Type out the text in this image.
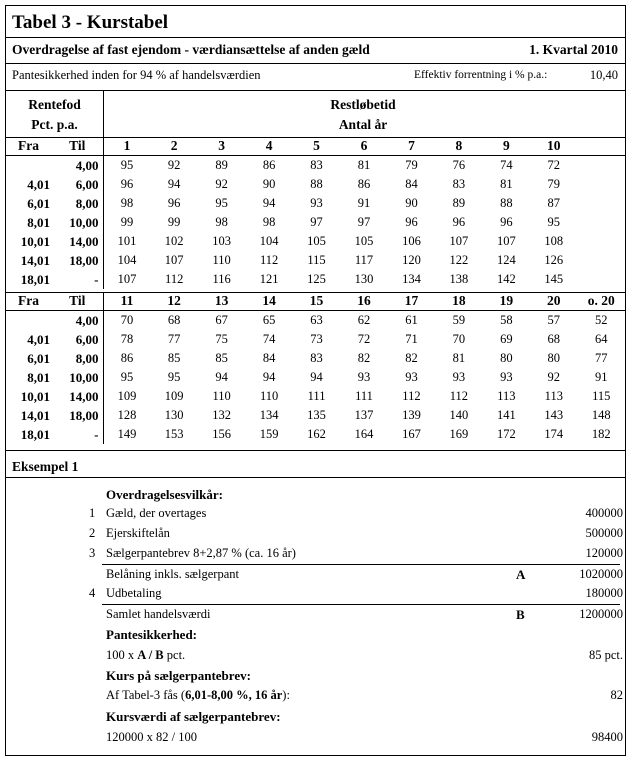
Tabel 3 - Kurstabel
Overdragelse af fast ejendom - værdiansættelse af anden gæld	1. Kvartal 2010
Pantesikkerhed inden for 94 % af handelsværdien	Effektiv forrentning i % p.a.:	10,40
Rentefod
Pct. p.a.
Restløbetid
Antal år
Fra	Til	1	2	3	4	5	6	7	8	9	10	
	4,00	95	92	89	86	83	81	79	76	74	72	
4,01	6,00	96	94	92	90	88	86	84	83	81	79	
6,01	8,00	98	96	95	94	93	91	90	89	88	87	
8,01	10,00	99	99	98	98	97	97	96	96	96	95	
10,01	14,00	101	102	103	104	105	105	106	107	107	108	
14,01	18,00	104	107	110	112	115	117	120	122	124	126	
18,01	-	107	112	116	121	125	130	134	138	142	145	
Fra	Til	11	12	13	14	15	16	17	18	19	20	o. 20
	4,00	70	68	67	65	63	62	61	59	58	57	52
4,01	6,00	78	77	75	74	73	72	71	70	69	68	64
6,01	8,00	86	85	85	84	83	82	82	81	80	80	77
8,01	10,00	95	95	94	94	94	93	93	93	93	92	91
10,01	14,00	109	109	110	110	111	111	112	112	113	113	115
14,01	18,00	128	130	132	134	135	137	139	140	141	143	148
18,01	-	149	153	156	159	162	164	167	169	172	174	182
Eksempel 1
Overdragelsesvilkår:
1 Gæld, der overtages	400000
2 Ejerskiftelån	500000
3 Sælgerpantebrev 8+2,87 % (ca. 16 år)	120000
Belåning inkls. sælgerpant	A	1020000
4 Udbetaling	180000
Samlet handelsværdi	B	1200000
Pantesikkerhed:
100 x A / B pct.	85 pct.
Kurs på sælgerpantebrev:
Af Tabel-3 fås (6,01-8,00 %, 16 år):	82
Kursværdi af sælgerpantebrev:
120000 x 82 / 100	98400
